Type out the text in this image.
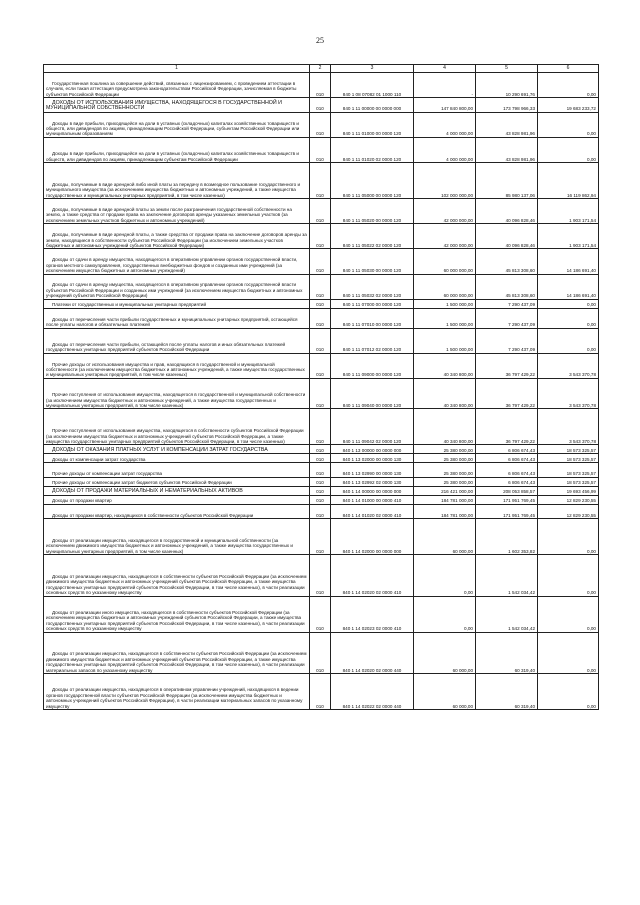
25
1	2	3	4	5	6
Государственная пошлина за совершение действий, связанных с лицензированием, с проведением аттестации в случаях, если такая аттестация предусмотрена законодательством Российской Федерации, зачисляемая в бюджеты субъектов Российской Федерации	010	840 1 08 07082 01 1000 110	-	10 290 691,76	0,00
ДОХОДЫ ОТ ИСПОЛЬЗОВАНИЯ ИМУЩЕСТВА, НАХОДЯЩЕГОСЯ В ГОСУДАРСТВЕННОЙ И МУНИЦИПАЛЬНОЙ СОБСТВЕННОСТИ	010	840 1 11 00000 00 0000 000	147 840 800,00	173 798 966,33	19 683 233,72
Доходы в виде прибыли, приходящейся на доли в уставных (складочных) капиталах хозяйственных товариществ и обществ, или дивидендов по акциям, принадлежащим Российской Федерации, субъектам Российской Федерации или муниципальным образованиям	010	840 1 11 01000 00 0000 120	4 000 000,00	43 828 981,96	0,00
Доходы в виде прибыли, приходящейся на доли в уставных (складочных) капиталах хозяйственных товариществ и обществ, или дивидендов по акциям, принадлежащим субъектам Российской Федерации	010	840 1 11 01020 02 0000 120	4 000 000,00	43 828 981,96	0,00
Доходы, получаемые в виде арендной либо иной платы за передачу в возмездное пользование государственного и муниципального имущества (за исключением имущества бюджетных и автономных учреждений, а также имущества государственных и муниципальных унитарных предприятий, в том числе казенных)	010	840 1 11 05000 00 0000 120	102 000 000,00	85 980 137,06	16 119 862,94
Доходы, получаемые в виде арендной платы за земли после разграничения государственной собственности на землю, а также средства от продажи права на заключение договоров аренды указанных земельных участков (за исключением земельных участков бюджетных и автономных учреждений)	010	840 1 11 05020 00 0000 120	42 000 000,00	40 096 828,46	1 903 171,54
Доходы, получаемые в виде арендной платы, а также средства от продажи права на заключение договоров аренды за земли, находящиеся в собственности субъектов Российской Федерации (за исключением земельных участков бюджетных и автономных учреждений субъектов Российской Федерации)	010	840 1 11 05022 02 0000 120	42 000 000,00	40 096 828,46	1 903 171,54
Доходы от сдачи в аренду имущества, находящегося в оперативном управлении органов государственной власти, органов местного самоуправления, государственных внебюджетных фондов и созданных ими учреждений (за исключением имущества бюджетных и автономных учреждений)	010	840 1 11 05030 00 0000 120	60 000 000,00	45 813 308,60	14 186 691,40
Доходы от сдачи в аренду имущества, находящегося в оперативном управлении органов государственной власти субъектов Российской Федерации и созданных ими учреждений (за исключением имущества бюджетных и автономных учреждений субъектов Российской Федерации)	010	840 1 11 05032 02 0000 120	60 000 000,00	45 813 308,60	14 186 691,40
Платежи от государственных и муниципальных унитарных предприятий	010	840 1 11 07000 00 0000 120	1 500 000,00	7 290 437,09	0,00
Доходы от перечисления части прибыли государственных и муниципальных унитарных предприятий, остающейся после уплаты налогов и обязательных платежей	010	840 1 11 07010 00 0000 120	1 500 000,00	7 290 437,09	0,00
Доходы от перечисления части прибыли, остающейся после уплаты налогов и иных обязательных платежей государственных унитарных предприятий субъектов Российской Федерации	010	840 1 11 07012 02 0000 120	1 500 000,00	7 290 437,09	0,00
Прочие доходы от использования имущества и прав, находящихся в государственной и муниципальной собственности (за исключением имущества бюджетных и автономных учреждений, а также имущества государственных и муниципальных унитарных предприятий, в том числе казенных)	010	840 1 11 09000 00 0000 120	40 340 800,00	36 797 429,22	3 543 370,78
Прочие поступления от использования имущества, находящегося в государственной и муниципальной собственности (за исключением имущества бюджетных и автономных учреждений, а также имущества государственных и муниципальных унитарных предприятий, в том числе казенных)	010	840 1 11 09040 00 0000 120	40 340 800,00	36 797 429,22	3 543 370,78
Прочие поступления от использования имущества, находящегося в собственности субъектов Российской Федерации (за исключением имущества бюджетных и автономных учреждений субъектов Российской Федерации, а также имущества государственных унитарных предприятий субъектов Российской Федерации, в том числе казенных)	010	840 1 11 09042 02 0000 120	40 340 800,00	36 797 429,22	3 543 370,78
ДОХОДЫ ОТ ОКАЗАНИЯ ПЛАТНЫХ УСЛУГ И КОМПЕНСАЦИИ ЗАТРАТ ГОСУДАРСТВА	010	840 1 13 00000 00 0000 000	25 380 000,00	6 806 674,43	18 573 325,57
Доходы от компенсации затрат государства	010	840 1 13 02000 00 0000 130	25 380 000,00	6 806 674,43	18 573 325,57
Прочие доходы от компенсации затрат государства	010	840 1 13 02990 00 0000 130	25 380 000,00	6 806 674,43	18 573 325,57
Прочие доходы от компенсации затрат бюджетов субъектов Российской Федерации	010	840 1 13 02992 02 0000 130	25 380 000,00	6 806 674,43	18 573 325,57
ДОХОДЫ ОТ ПРОДАЖИ МАТЕРИАЛЬНЫХ И НЕМАТЕРИАЛЬНЫХ АКТИВОВ	010	840 1 14 00000 00 0000 000	216 421 000,00	208 053 858,57	19 693 456,99
Доходы от продажи квартир	010	840 1 14 01000 00 0000 410	184 781 000,00	171 951 769,45	12 829 230,55
Доходы от продажи квартир, находящихся в собственности субъектов Российской Федерации	010	840 1 14 01020 02 0000 410	184 781 000,00	171 951 769,45	12 829 230,55
Доходы от реализации имущества, находящегося в государственной и муниципальной собственности (за исключением движимого имущества бюджетных и автономных учреждений, а также имущества государственных и муниципальных унитарных предприятий, в том числе казенных)	010	840 1 14 02000 00 0000 000	60 000,00	1 602 353,82	0,00
Доходы от реализации имущества, находящегося в собственности субъектов Российской Федерации (за исключением движимого имущества бюджетных и автономных учреждений субъектов Российской Федерации, а также имущества государственных унитарных предприятий субъектов Российской Федерации, в том числе казенных), в части реализации основных средств по указанному имуществу	010	840 1 14 02020 02 0000 410	0,00	1 542 034,42	0,00
Доходы от реализации иного имущества, находящегося в собственности субъектов Российской Федерации (за исключением имущества бюджетных и автономных учреждений субъектов Российской Федерации, а также имущества государственных унитарных предприятий субъектов Российской Федерации, в том числе казенных), в части реализации основных средств по указанному имуществу	010	840 1 14 02023 02 0000 410	0,00	1 542 034,42	0,00
Доходы от реализации имущества, находящегося в собственности субъектов Российской Федерации (за исключением движимого имущества бюджетных и автономных учреждений субъектов Российской Федерации, а также имущества государственных унитарных предприятий субъектов Российской Федерации, в том числе казенных), в части реализации материальных запасов по указанному имуществу	010	840 1 14 02020 02 0000 440	60 000,00	60 319,40	0,00
Доходы от реализации имущества, находящегося в оперативном управлении учреждений, находящихся в ведении органов государственной власти субъектов Российской Федерации (за исключением имущества бюджетных и автономных учреждений субъектов Российской Федерации), в части реализации материальных запасов по указанному имуществу	010	840 1 14 02022 02 0000 440	60 000,00	60 319,40	0,00
